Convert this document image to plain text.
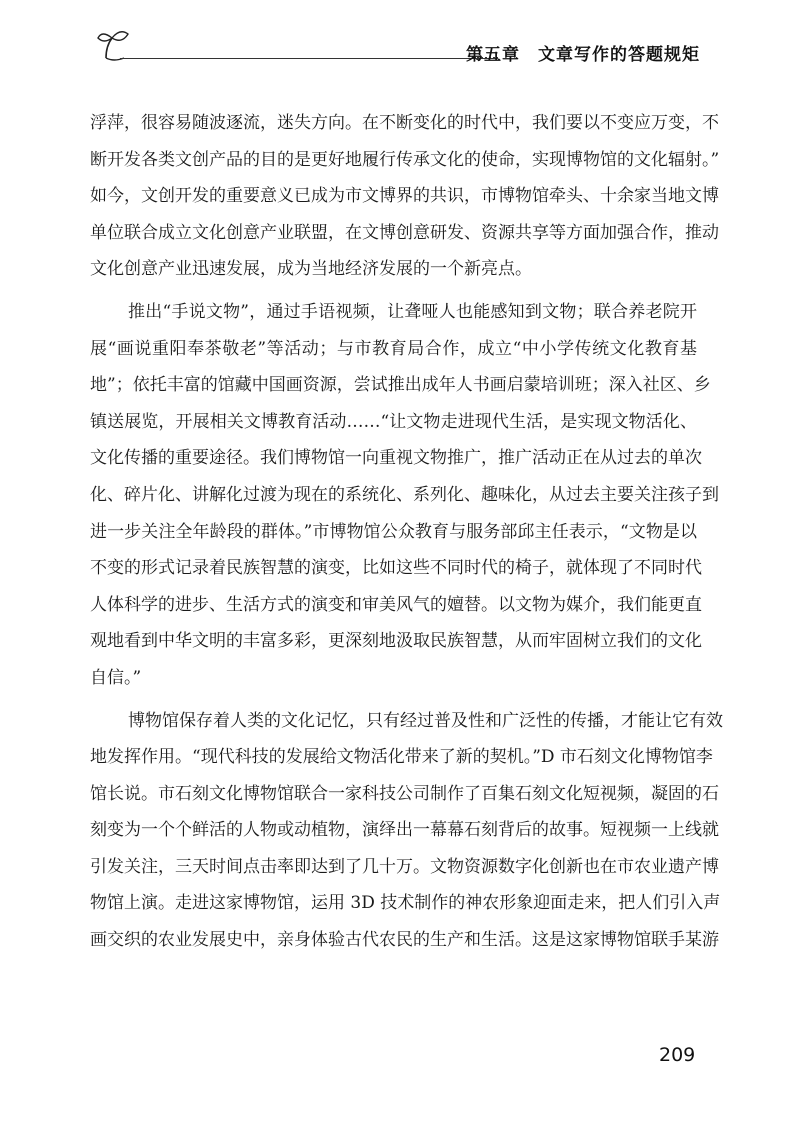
第五章 文章写作的答题规矩
浮萍，很容易随波逐流，迷失方向。在不断变化的时代中，我们要以不变应万变，不
断开发各类文创产品的目的是更好地履行传承文化的使命，实现博物馆的文化辐射。”
如今，文创开发的重要意义已成为市文博界的共识，市博物馆牵头、十余家当地文博
单位联合成立文化创意产业联盟，在文博创意研发、资源共享等方面加强合作，推动
文化创意产业迅速发展，成为当地经济发展的一个新亮点。
推出“手说文物”，通过手语视频，让聋哑人也能感知到文物；联合养老院开
展“画说重阳奉茶敬老”等活动；与市教育局合作，成立“中小学传统文化教育基
地”；依托丰富的馆藏中国画资源，尝试推出成年人书画启蒙培训班；深入社区、乡
镇送展览，开展相关文博教育活动……“让文物走进现代生活，是实现文物活化、
文化传播的重要途径。我们博物馆一向重视文物推广，推广活动正在从过去的单次
化、碎片化、讲解化过渡为现在的系统化、系列化、趣味化，从过去主要关注孩子到
进一步关注全年龄段的群体。”市博物馆公众教育与服务部邱主任表示，“文物是以
不变的形式记录着民族智慧的演变，比如这些不同时代的椅子，就体现了不同时代
人体科学的进步、生活方式的演变和审美风气的嬗替。以文物为媒介，我们能更直
观地看到中华文明的丰富多彩，更深刻地汲取民族智慧，从而牢固树立我们的文化
自信。”
博物馆保存着人类的文化记忆，只有经过普及性和广泛性的传播，才能让它有效
地发挥作用。“现代科技的发展给文物活化带来了新的契机。”D 市石刻文化博物馆李
馆长说。市石刻文化博物馆联合一家科技公司制作了百集石刻文化短视频，凝固的石
刻变为一个个鲜活的人物或动植物，演绎出一幕幕石刻背后的故事。短视频一上线就
引发关注，三天时间点击率即达到了几十万。文物资源数字化创新也在市农业遗产博
物馆上演。走进这家博物馆，运用 3D 技术制作的神农形象迎面走来，把人们引入声
画交织的农业发展史中，亲身体验古代农民的生产和生活。这是这家博物馆联手某游
209
